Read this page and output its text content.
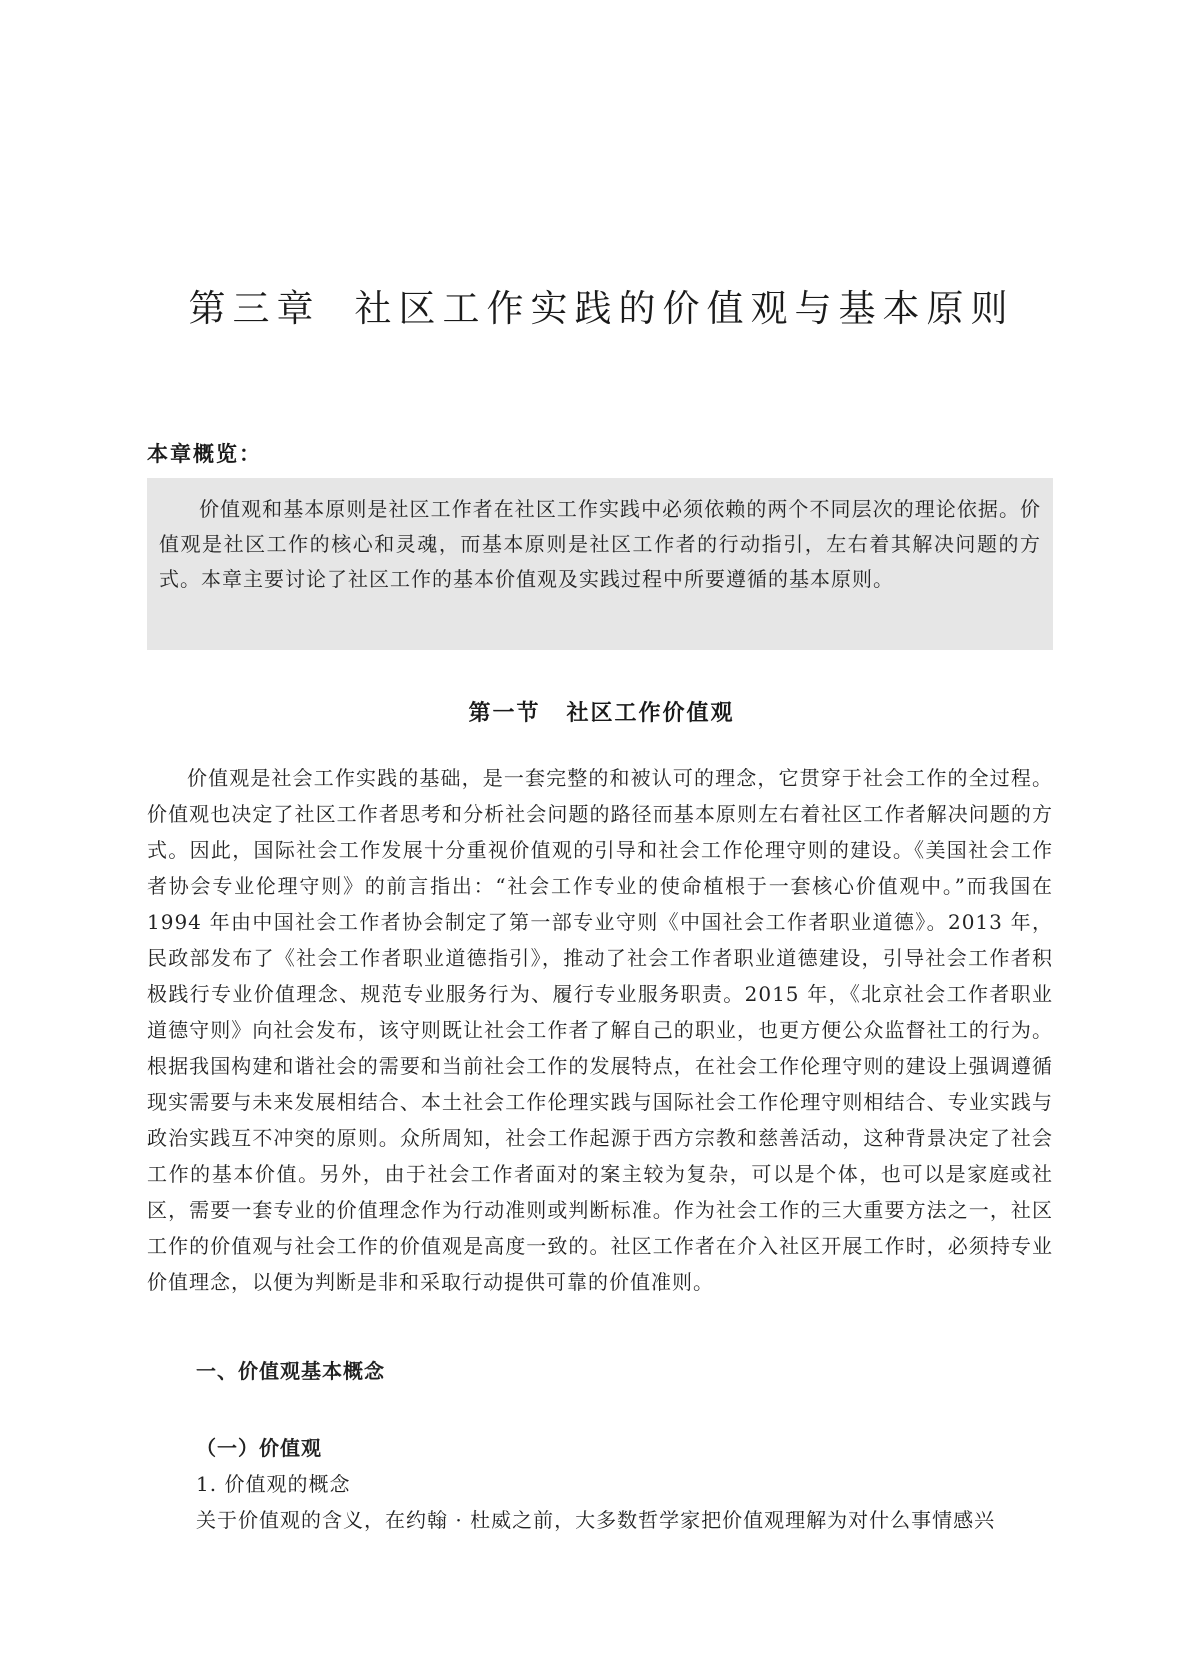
第三章 社区工作实践的价值观与基本原则
本章概览：

价值观和基本原则是社区工作者在社区工作实践中必须依赖的两个不同层次的理论依据。价值观是社区工作的核心和灵魂，而基本原则是社区工作者的行动指引，左右着其解决问题的方式。本章主要讨论了社区工作的基本价值观及实践过程中所要遵循的基本原则。

第一节 社区工作价值观

价值观是社会工作实践的基础，是一套完整的和被认可的理念，它贯穿于社会工作的全过程。价值观也决定了社区工作者思考和分析社会问题的路径而基本原则左右着社区工作者解决问题的方式。因此，国际社会工作发展十分重视价值观的引导和社会工作伦理守则的建设。《美国社会工作者协会专业伦理守则》的前言指出：“社会工作专业的使命植根于一套核心价值观中。”而我国在 1994 年由中国社会工作者协会制定了第一部专业守则《中国社会工作者职业道德》。2013 年，民政部发布了《社会工作者职业道德指引》，推动了社会工作者职业道德建设，引导社会工作者积极践行专业价值理念、规范专业服务行为、履行专业服务职责。2015 年，《北京社会工作者职业道德守则》向社会发布，该守则既让社会工作者了解自己的职业，也更方便公众监督社工的行为。根据我国构建和谐社会的需要和当前社会工作的发展特点，在社会工作伦理守则的建设上强调遵循现实需要与未来发展相结合、本土社会工作伦理实践与国际社会工作伦理守则相结合、专业实践与政治实践互不冲突的原则。众所周知，社会工作起源于西方宗教和慈善活动，这种背景决定了社会工作的基本价值。另外，由于社会工作者面对的案主较为复杂，可以是个体，也可以是家庭或社区，需要一套专业的价值理念作为行动准则或判断标准。作为社会工作的三大重要方法之一，社区工作的价值观与社会工作的价值观是高度一致的。社区工作者在介入社区开展工作时，必须持专业价值理念，以便为判断是非和采取行动提供可靠的价值准则。

一、价值观基本概念
（一）价值观
1. 价值观的概念
关于价值观的含义，在约翰 · 杜威之前，大多数哲学家把价值观理解为对什么事情感兴
